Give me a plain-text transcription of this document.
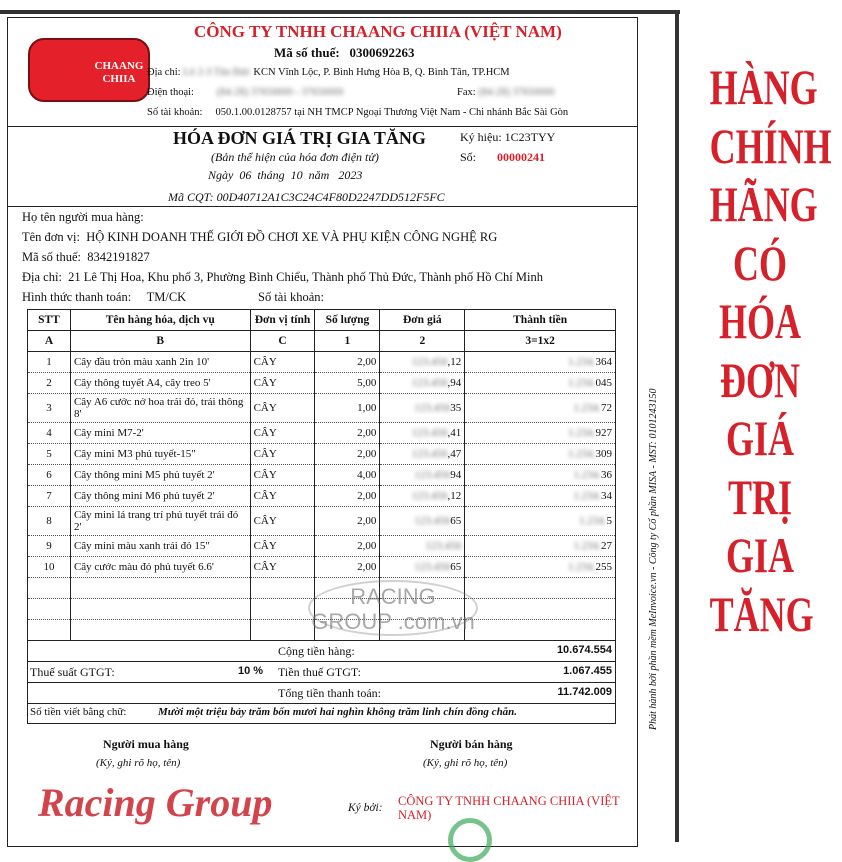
CHAANG CHIIA
CÔNG TY TNHH CHAANG CHIIA (VIỆT NAM)
Mã số thuế: 0300692263
Địa chỉ: Lô 2-3 Tân Đức KCN Vĩnh Lộc, P. Bình Hưng Hòa B, Q. Bình Tân, TP.HCM
Điện thoại: (84-28) 37650000 - 37650000	Fax: (84-28) 37650000
Số tài khoản: 050.1.00.0128757 tại NH TMCP Ngoại Thương Việt Nam - Chi nhánh Bắc Sài Gòn
HÓA ĐƠN GIÁ TRỊ GIA TĂNG	Ký hiệu: 1C23TYY
(Bản thể hiện của hóa đơn điện tử)	Số: 00000241
Ngày  06  tháng  10  năm   2023
Mã CQT: 00D40712A1C3C24C4F80D2247DD512F5FC
Họ tên người mua hàng:
Tên đơn vị: HỘ KINH DOANH THẾ GIỚI ĐỒ CHƠI XE VÀ PHỤ KIỆN CÔNG NGHỆ RG
Mã số thuế: 8342191827
Địa chỉ: 21 Lê Thị Hoa, Khu phố 3, Phường Bình Chiểu, Thành phố Thủ Đức, Thành phố Hồ Chí Minh
Hình thức thanh toán: TM/CK	Số tài khoản:
STT	Tên hàng hóa, dịch vụ	Đơn vị tính	Số lượng	Đơn giá	Thành tiền
A	B	C	1	2	3=1x2
1	Cây đầu tròn màu xanh 2in 10'	CÂY	2,00	123.456,12	1.234.364
2	Cây thông tuyết A4, cây treo 5'	CÂY	5,00	123.456,94	1.234.045
3	Cây A6 cước nở hoa trái đỏ, trái thông 8'	CÂY	1,00	123.45635	1.234.72
4	Cây mini M7-2'	CÂY	2,00	123.456,41	1.234.927
5	Cây mini M3 phủ tuyết-15"	CÂY	2,00	123.456,47	1.234.309
6	Cây thông mini M5 phủ tuyết 2'	CÂY	4,00	123.45694	1.234.36
7	Cây thông mini M6 phủ tuyết 2'	CÂY	2,00	123.456,12	1.234.34
8	Cây mini lá trang trí phủ tuyết trái đỏ 2'	CÂY	2,00	123.45665	1.234.5
9	Cây mini màu xanh trái đỏ 15"	CÂY	2,00	123.456	1.234.27
10	Cây cước màu đỏ phủ tuyết 6.6'	CÂY	2,00	123.45665	1.234.255

RACING GROUP .com.vn
Cộng tiền hàng:	10.674.554
Thuế suất GTGT:	10 % Tiền thuế GTGT:	1.067.455
Tổng tiền thanh toán:	11.742.009
Số tiền viết bằng chữ:	Mười một triệu bảy trăm bốn mươi hai nghìn không trăm linh chín đồng chẵn.
Người mua hàng
(Ký, ghi rõ họ, tên)
Người bán hàng
(Ký, ghi rõ họ, tên)
Racing Group	Ký bởi: CÔNG TY TNHH CHAANG CHIIA (VIỆT NAM)
Phát hành bởi phần mềm MeInvoice.vn - Công ty Cổ phần MISA - MST: 0101243150
HÀNG
CHÍNH
HÃNG
CÓ
HÓA
ĐƠN
GIÁ
TRỊ
GIA
TĂNG
